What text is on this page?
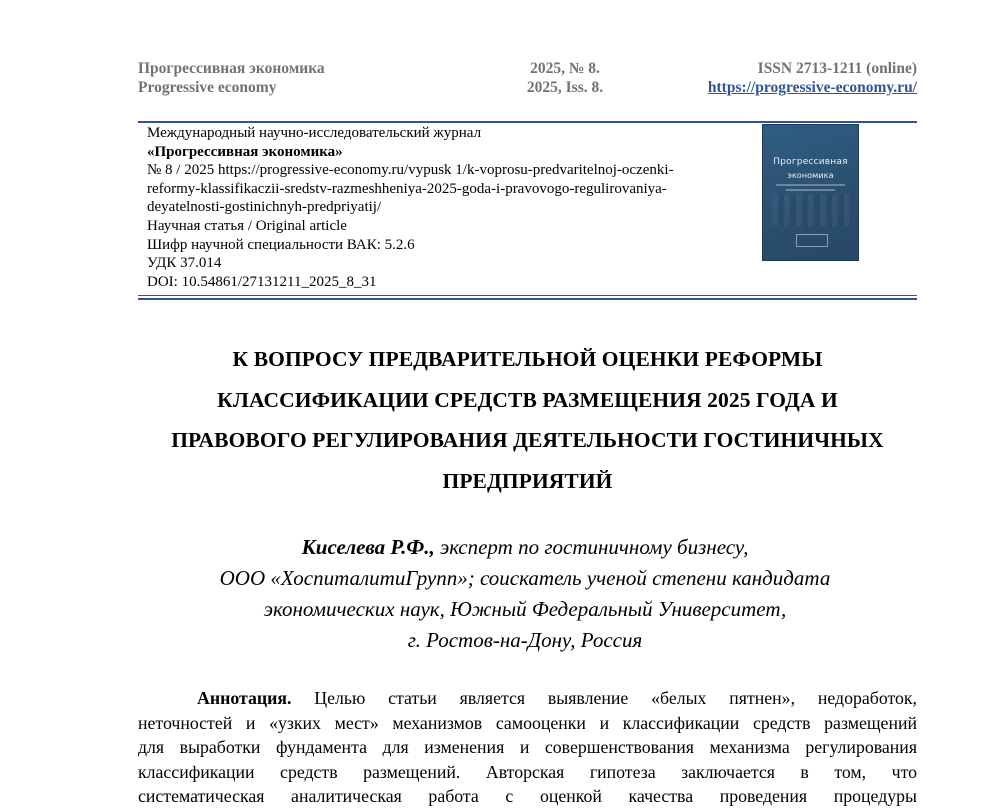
Прогрессивная экономика	2025, № 8.	ISSN 2713-1211 (online)
Progressive economy	2025, Iss. 8.	https://progressive-economy.ru/
Международный научно-исследовательский журнал
«Прогрессивная экономика»
№ 8 / 2025 https://progressive-economy.ru/vypusk 1/k-voprosu-predvaritelnoj-oczenki-
reformy-klassifikaczii-sredstv-razmeshheniya-2025-goda-i-pravovogo-regulirovaniya-
deyatelnosti-gostinichnyh-predpriyatij/
Научная статья / Original article
Шифр научной специальности ВАК: 5.2.6
УДК 37.014
DOI: 10.54861/27131211_2025_8_31
Прогрессивная
экономика
К ВОПРОСУ ПРЕДВАРИТЕЛЬНОЙ ОЦЕНКИ РЕФОРМЫ
КЛАССИФИКАЦИИ СРЕДСТВ РАЗМЕЩЕНИЯ 2025 ГОДА И
ПРАВОВОГО РЕГУЛИРОВАНИЯ ДЕЯТЕЛЬНОСТИ ГОСТИНИЧНЫХ
ПРЕДПРИЯТИЙ
Киселева Р.Ф., эксперт по гостиничному бизнесу,
ООО «ХоспиталитиГрупп»; соискатель ученой степени кандидата
экономических наук, Южный Федеральный Университет,
г. Ростов-на-Дону, Россия
Аннотация. Целью статьи является выявление «белых пятнен», недоработок,
неточностей и «узких мест» механизмов самооценки и классификации средств размещений
для выработки фундамента для изменения и совершенствования механизма регулирования
классификации средств размещений. Авторская гипотеза заключается в том, что
систематическая аналитическая работа с оценкой качества проведения процедуры
